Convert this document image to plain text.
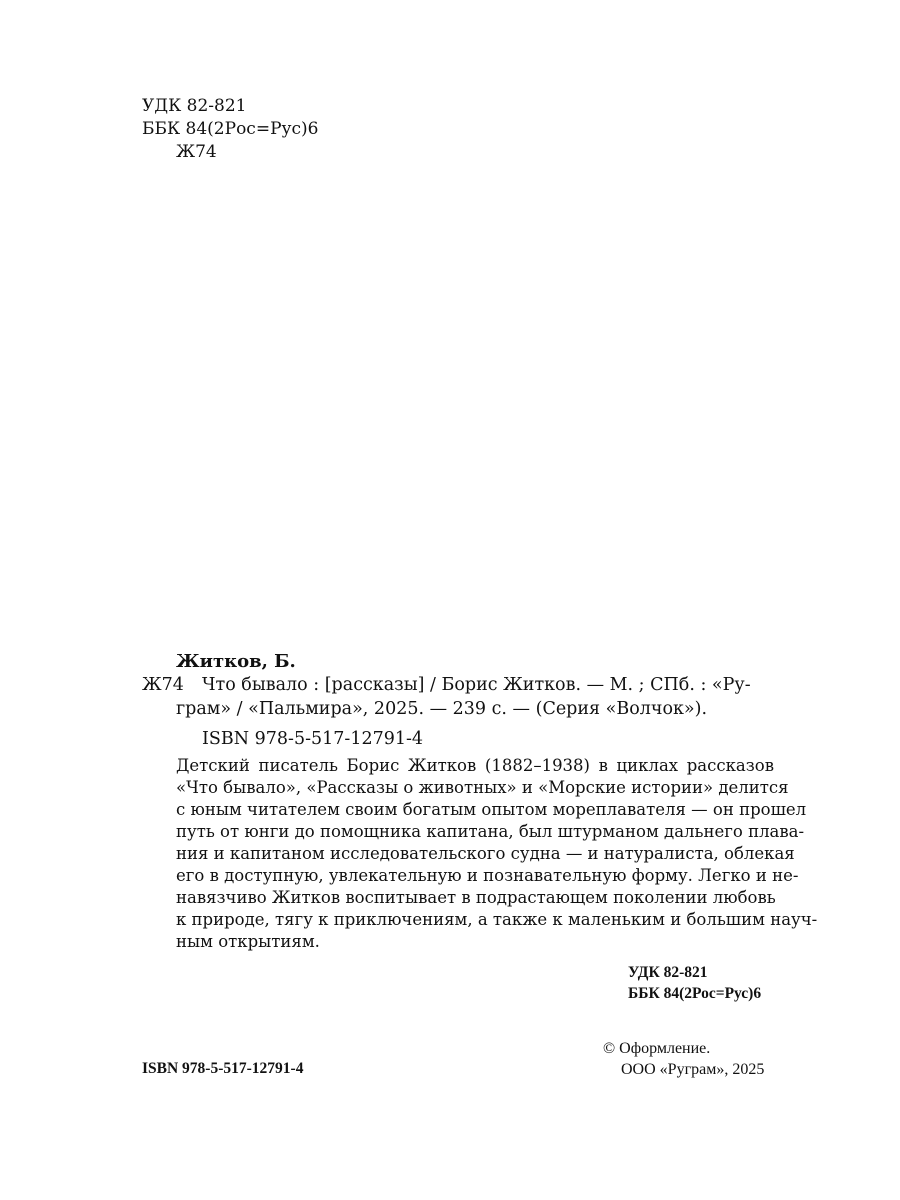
УДК 82-821
ББК 84(2Рос=Рус)6
Ж74
Житков, Б.
Ж74 Что бывало : [рассказы] / Борис Житков. — М. ; СПб. : «Ру-
грам» / «Пальмира», 2025. — 239 с. — (Серия «Волчок»).
ISBN 978-5-517-12791-4
Детский писатель Борис Житков (1882–1938) в циклах рассказов
«Что бывало», «Рассказы о животных» и «Морские истории» делится
с юным читателем своим богатым опытом мореплавателя — он прошел
путь от юнги до помощника капитана, был штурманом дальнего плава-
ния и капитаном исследовательского судна — и натуралиста, облекая
его в доступную, увлекательную и познавательную форму. Легко и не-
навязчиво Житков воспитывает в подрастающем поколении любовь
к природе, тягу к приключениям, а также к маленьким и большим науч-
ным открытиям.
УДК 82-821
ББК 84(2Рос=Рус)6
ISBN 978-5-517-12791-4
© Оформление.
ООО «Руграм», 2025
